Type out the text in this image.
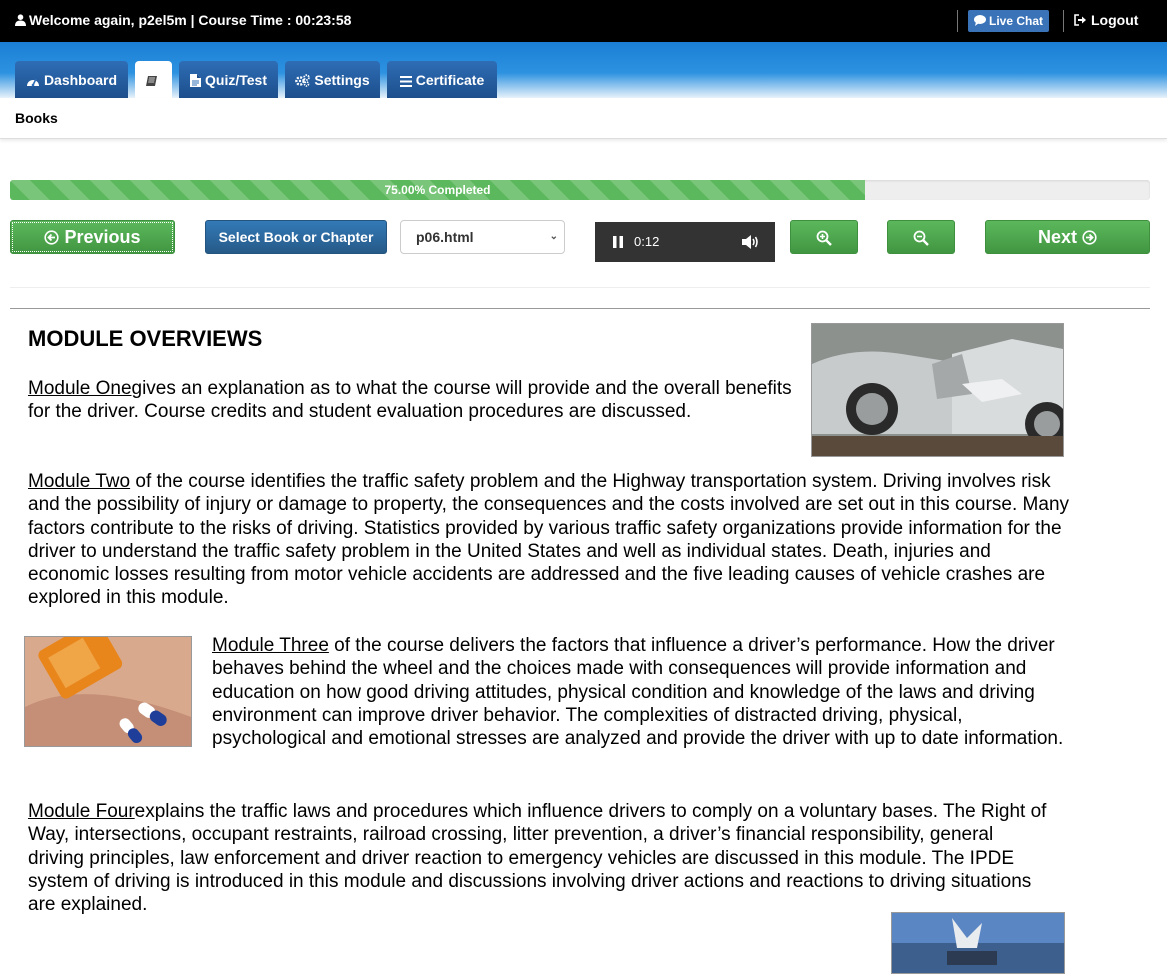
Welcome again, p2el5m | Course Time : 00:23:58	Live Chat	Logout
Dashboard	Quiz/Test	Settings	Certificate
Books
75.00% Completed
Previous	Select Book or Chapter	p06.html	⌄	0:12	Next
MODULE OVERVIEWS
Module Onegives an explanation as to what the course will provide and the overall benefits for the driver. Course credits and student evaluation procedures are discussed.
Module Two of the course identifies the traffic safety problem and the Highway transportation system. Driving involves risk and the possibility of injury or damage to property, the consequences and the costs involved are set out in this course. Many factors contribute to the risks of driving. Statistics provided by various traffic safety organizations provide information for the driver to understand the traffic safety problem in the United States and well as individual states. Death, injuries and economic losses resulting from motor vehicle accidents are addressed and the five leading causes of vehicle crashes are explored in this module.
Module Three of the course delivers the factors that influence a driver’s performance. How the driver behaves behind the wheel and the choices made with consequences will provide information and education on how good driving attitudes, physical condition and knowledge of the laws and driving environment can improve driver behavior. The complexities of distracted driving, physical, psychological and emotional stresses are analyzed and provide the driver with up to date information.
Module Fourexplains the traffic laws and procedures which influence drivers to comply on a voluntary bases. The Right of Way, intersections, occupant restraints, railroad crossing, litter prevention, a driver’s financial responsibility, general driving principles, law enforcement and driver reaction to emergency vehicles are discussed in this module. The IPDE system of driving is introduced in this module and discussions involving driver actions and reactions to driving situations are explained.
